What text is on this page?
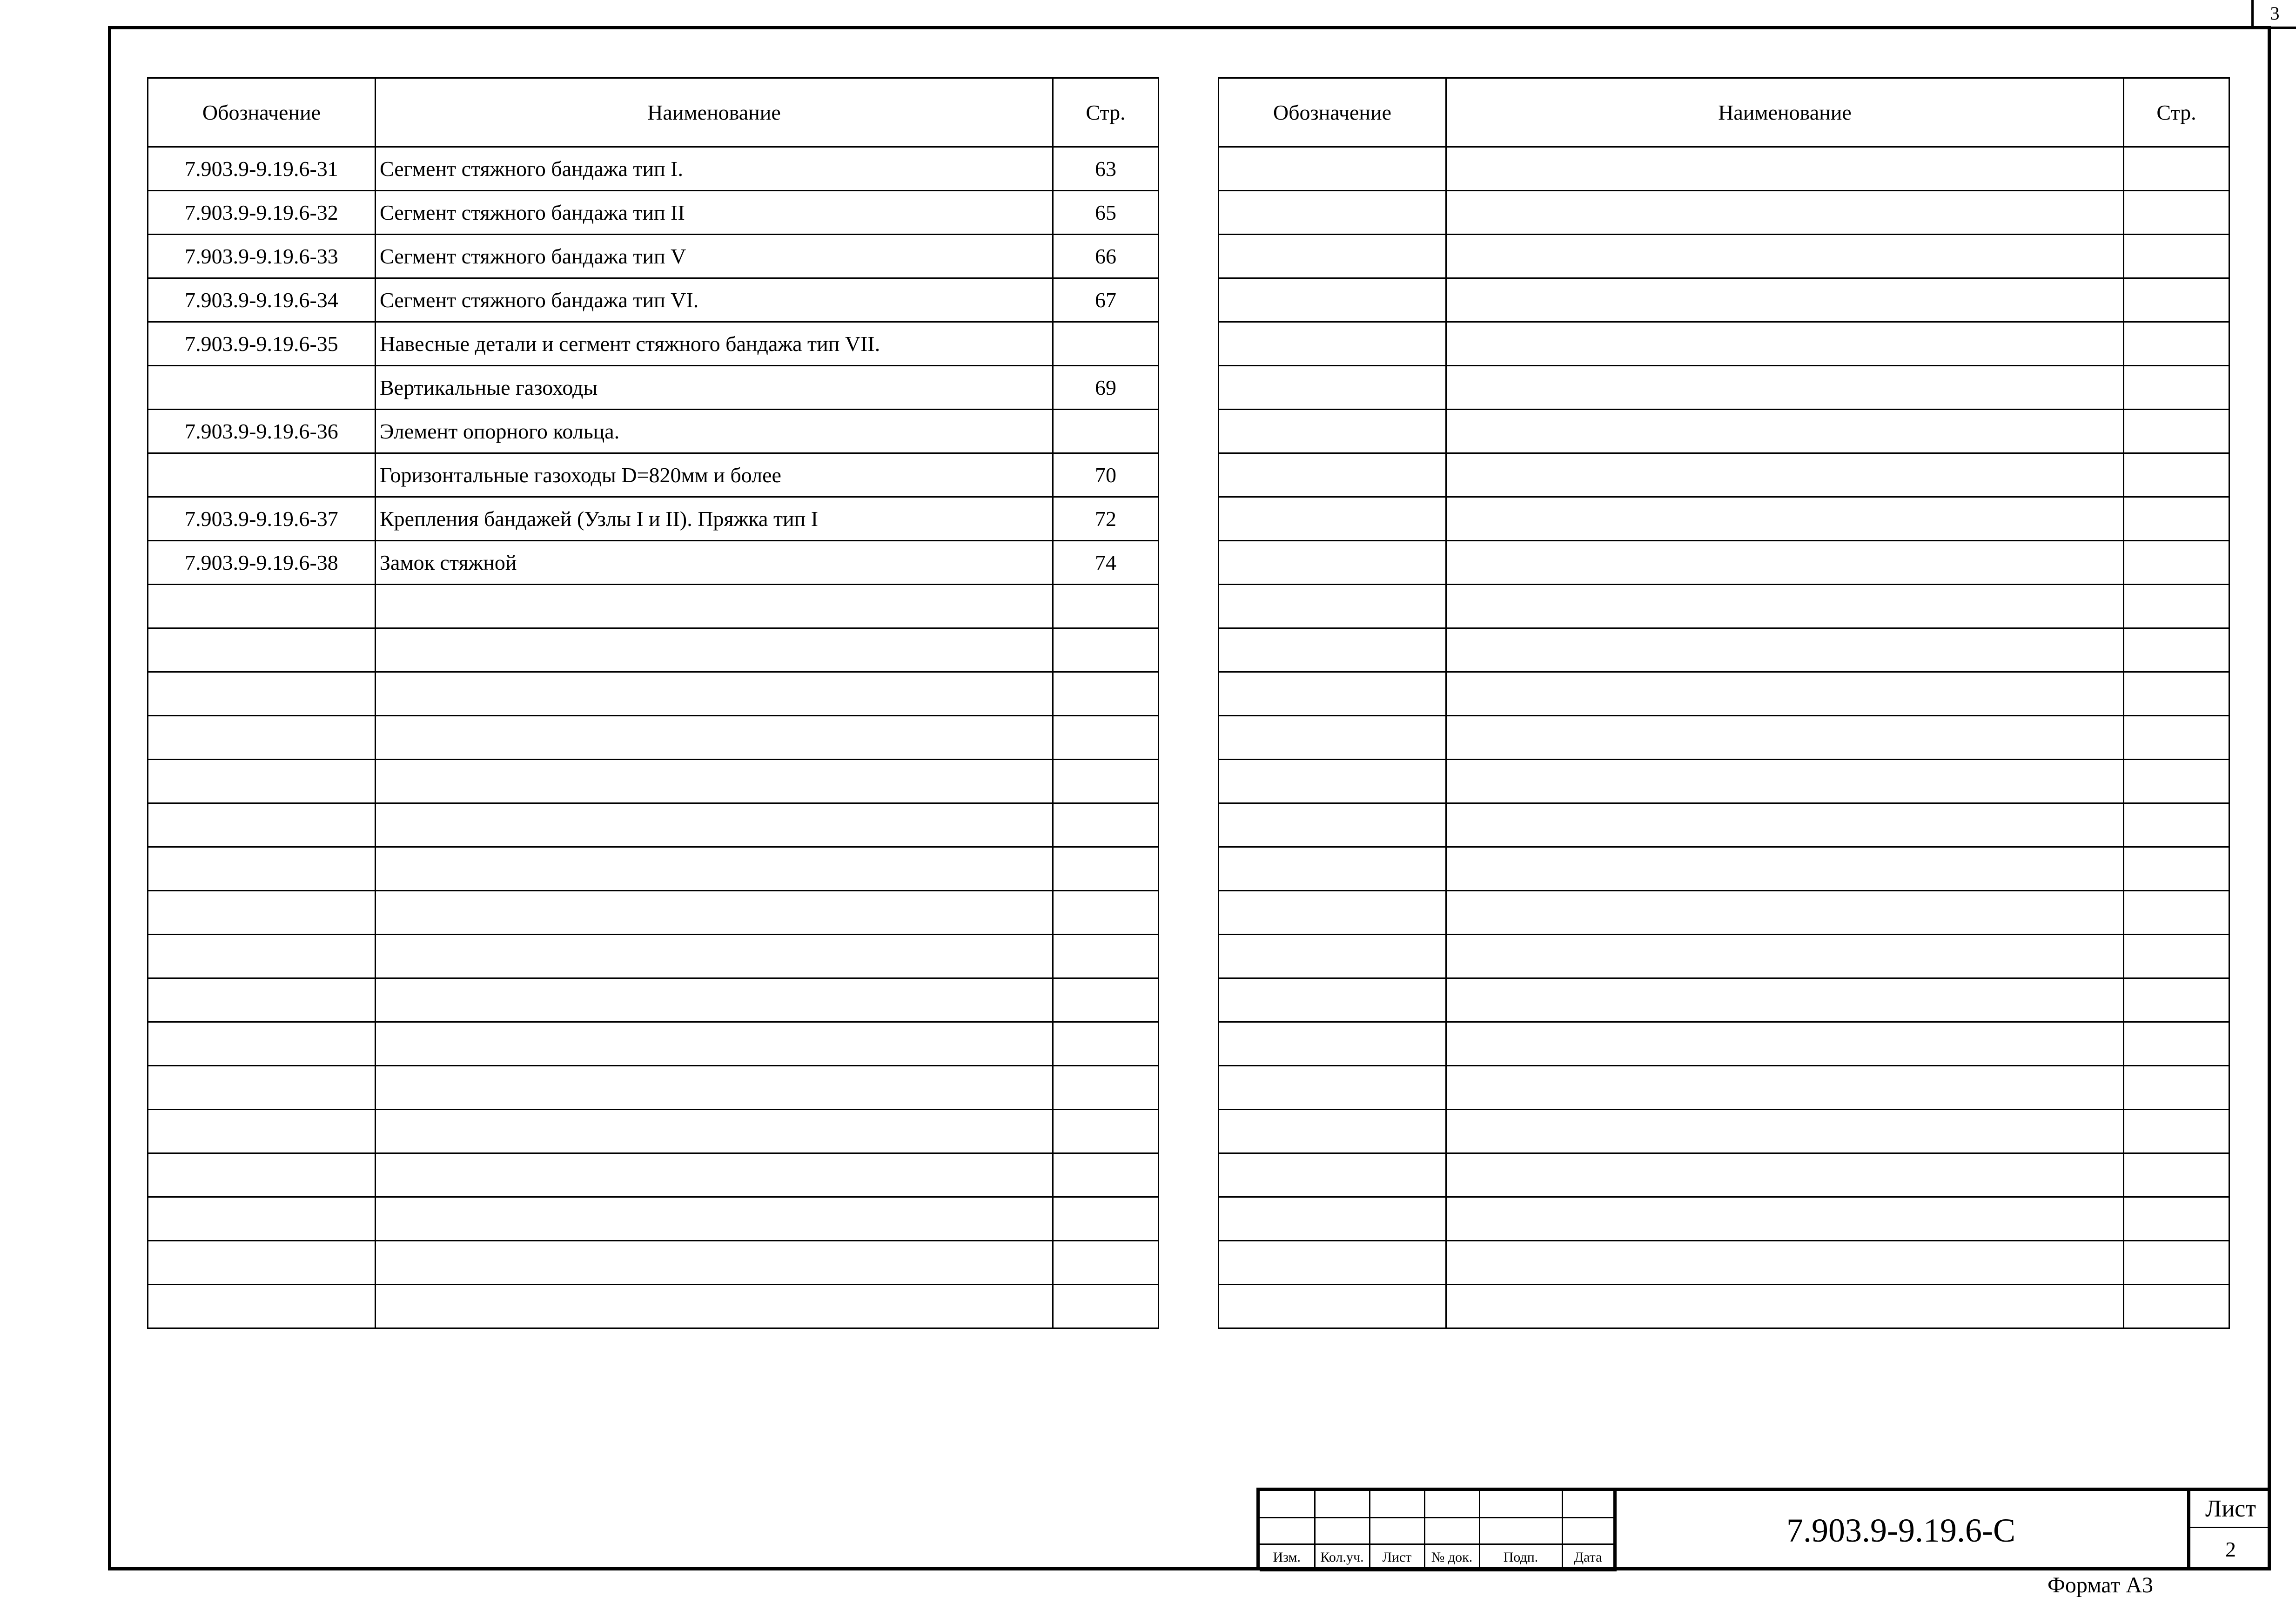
3
Обозначение	Наименование	Стр.
7.903.9-9.19.6-31	Сегмент стяжного бандажа тип I.	63
7.903.9-9.19.6-32	Сегмент стяжного бандажа тип II	65
7.903.9-9.19.6-33	Сегмент стяжного бандажа тип V	66
7.903.9-9.19.6-34	Сегмент стяжного бандажа тип VI.	67
7.903.9-9.19.6-35	Навесные детали и сегмент стяжного бандажа тип VII.	
	Вертикальные газоходы	69
7.903.9-9.19.6-36	Элемент опорного кольца.	
	Горизонтальные газоходы D=820мм и более	70
7.903.9-9.19.6-37	Крепления бандажей (Узлы I и II). Пряжка тип I	72
7.903.9-9.19.6-38	Замок стяжной	74

Обозначение	Наименование	Стр.

Изм.	Кол.уч.	Лист	№ док.	Подп.	Дата
7.903.9-9.19.6-С
Лист
2
Формат А3
